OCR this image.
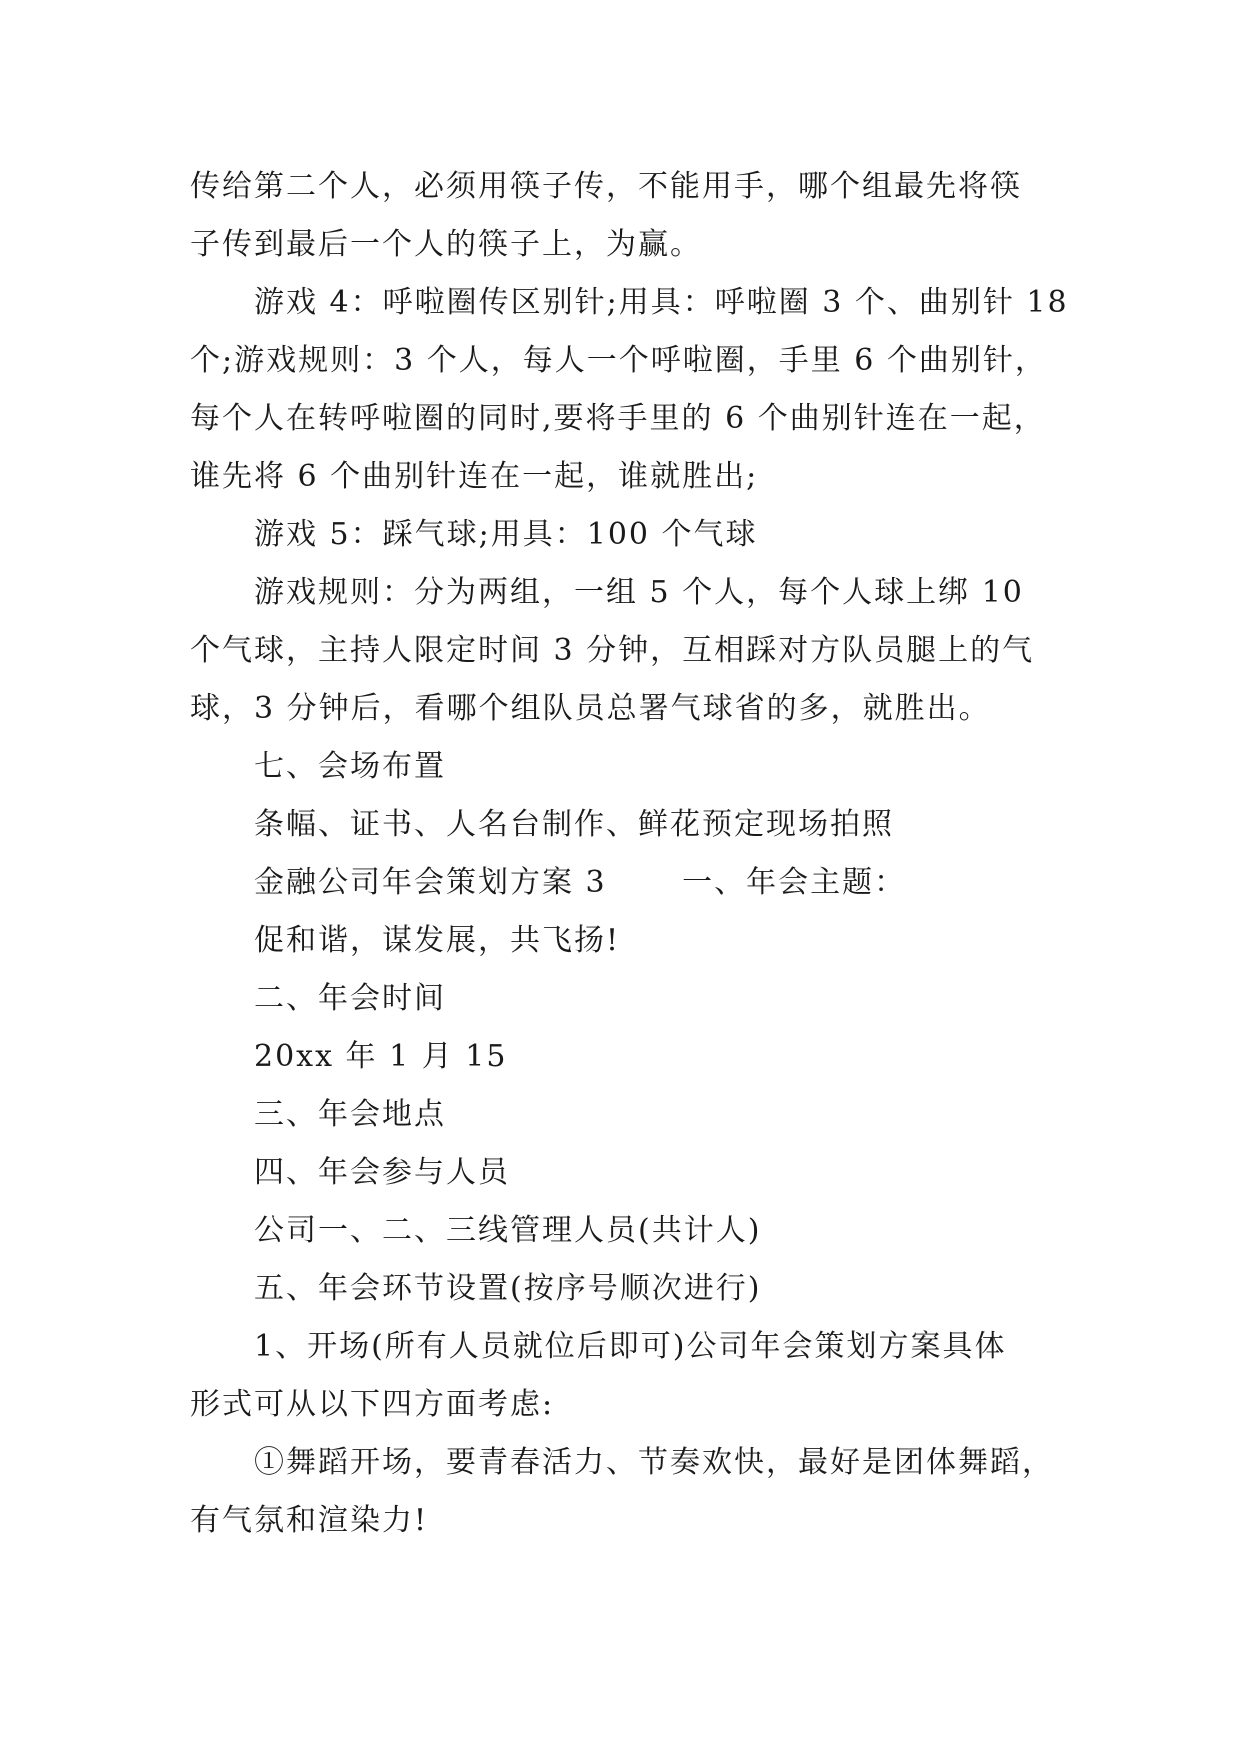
传给第二个人，必须用筷子传，不能用手，哪个组最先将筷
子传到最后一个人的筷子上，为赢。
游戏 4：呼啦圈传区别针;用具：呼啦圈 3 个、曲别针 18
个;游戏规则：3 个人，每人一个呼啦圈，手里 6 个曲别针，
每个人在转呼啦圈的同时,要将手里的 6 个曲别针连在一起，
谁先将 6 个曲别针连在一起，谁就胜出;
游戏 5：踩气球;用具：100 个气球
游戏规则：分为两组，一组 5 个人，每个人球上绑 10
个气球，主持人限定时间 3 分钟，互相踩对方队员腿上的气
球，3 分钟后，看哪个组队员总署气球省的多，就胜出。
七、会场布置
条幅、证书、人名台制作、鲜花预定现场拍照
金融公司年会策划方案 3　　 一、年会主题：
促和谐，谋发展，共飞扬!
二、年会时间
20xx 年 1 月 15
三、年会地点
四、年会参与人员
公司一、二、三线管理人员(共计人)
五、年会环节设置(按序号顺次进行)
1、开场(所有人员就位后即可)公司年会策划方案具体
形式可从以下四方面考虑:
①舞蹈开场，要青春活力、节奏欢快，最好是团体舞蹈，
有气氛和渲染力!
